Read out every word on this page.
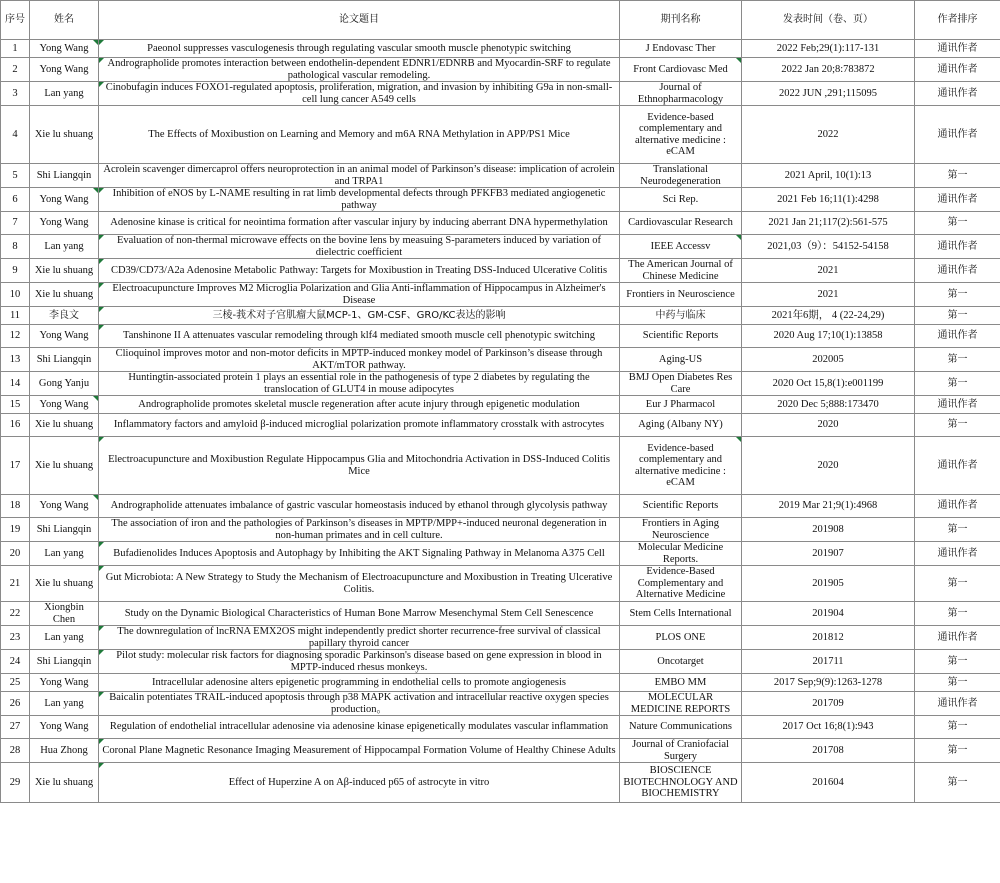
序号	姓名	论文题目	期刊名称	发表时间（卷、页）	作者排序
1	Yong Wang	Paeonol suppresses vasculogenesis through regulating vascular smooth muscle phenotypic switching	J Endovasc Ther	2022 Feb;29(1):117-131	通讯作者
2	Yong Wang	Andrographolide promotes interaction between endothelin-dependent EDNR1/EDNRB and Myocardin-SRF to regulate pathological vascular remodeling.	Front Cardiovasc Med	2022 Jan 20;8:783872	通讯作者
3	Lan yang	Cinobufagin induces FOXO1-regulated apoptosis, proliferation, migration, and invasion by inhibiting G9a in non-small-cell lung cancer A549 cells	Journal of Ethnopharmacology	2022 JUN ,291;115095	通讯作者
4	Xie lu shuang	The Effects of Moxibustion on Learning and Memory and m6A RNA Methylation in APP/PS1 Mice	Evidence-based complementary and alternative medicine : eCAM	2022	通讯作者
5	Shi Liangqin	Acrolein scavenger dimercaprol offers neuroprotection in an animal model of Parkinson’s disease: implication of acrolein and TRPA1	Translational Neurodegeneration	2021 April, 10(1):13	第一
6	Yong Wang	Inhibition of eNOS by L-NAME resulting in rat limb developmental defects through PFKFB3 mediated angiogenetic pathway	Sci Rep.	2021 Feb 16;11(1):4298	通讯作者
7	Yong Wang	Adenosine kinase is critical for neointima formation after vascular injury by inducing aberrant DNA hypermethylation	Cardiovascular Research	2021 Jan 21;117(2):561-575	第一
8	Lan yang	Evaluation of non-thermal microwave effects on the bovine lens by measuing S-parameters induced by variation of dielectric coefficient	IEEE Accessv	2021,03（9）：54152-54158	通讯作者
9	Xie lu shuang	CD39/CD73/A2a Adenosine Metabolic Pathway: Targets for Moxibustion in Treating DSS-Induced Ulcerative Colitis	The American Journal of Chinese Medicine	2021	通讯作者
10	Xie lu shuang	Electroacupuncture Improves M2 Microglia Polarization and Glia Anti-inflammation of Hippocampus in Alzheimer's Disease	Frontiers in Neuroscience	2021	第一
11	李良文	三棱-莪术对子宫肌瘤大鼠MCP-1、GM-CSF、GRO/KC表达的影响	中药与临床	2021年6期， 4 (22-24,29)	第一
12	Yong Wang	Tanshinone II A attenuates vascular remodeling through klf4 mediated smooth muscle cell phenotypic switching	Scientific Reports	2020 Aug 17;10(1):13858	通讯作者
13	Shi Liangqin	Clioquinol improves motor and non-motor deficits in MPTP-induced monkey model of Parkinson’s disease through AKT/mTOR pathway.	Aging-US	202005	第一
14	Gong Yanju	Huntingtin-associated protein 1 plays an essential role in the pathogenesis of type 2 diabetes by regulating the translocation of GLUT4 in mouse adipocytes	BMJ Open Diabetes Res Care	2020 Oct 15,8(1):e001199	第一
15	Yong Wang	Andrographolide promotes skeletal muscle regeneration after acute injury through epigenetic modulation	Eur J Pharmacol	2020 Dec 5;888:173470	通讯作者
16	Xie lu shuang	Inflammatory factors and amyloid β-induced microglial polarization promote inflammatory crosstalk with astrocytes	Aging (Albany NY)	2020	第一
17	Xie lu shuang	Electroacupuncture and Moxibustion Regulate Hippocampus Glia and Mitochondria Activation in DSS-Induced Colitis Mice	Evidence-based complementary and alternative medicine : eCAM	2020	通讯作者
18	Yong Wang	Andrographolide attenuates imbalance of gastric vascular homeostasis induced by ethanol through glycolysis pathway	Scientific Reports	2019 Mar 21;9(1):4968	通讯作者
19	Shi Liangqin	The association of iron and the pathologies of Parkinson’s diseases in MPTP/MPP+-induced neuronal degeneration in non-human primates and in cell culture.	Frontiers in Aging Neuroscience	201908	第一
20	Lan yang	Bufadienolides Induces Apoptosis and Autophagy by Inhibiting the AKT Signaling Pathway in Melanoma A375 Cell	Molecular Medicine Reports.	201907	通讯作者
21	Xie lu shuang	Gut Microbiota: A New Strategy to Study the Mechanism of Electroacupuncture and Moxibustion in Treating Ulcerative Colitis.	Evidence-Based Complementary and Alternative Medicine	201905	第一
22	Xiongbin Chen	Study on the Dynamic Biological Characteristics of Human Bone Marrow Mesenchymal Stem Cell Senescence	Stem Cells International	201904	第一
23	Lan yang	The downregulation of lncRNA EMX2OS might independently predict shorter recurrence-free survival of classical papillary thyroid cancer	PLOS ONE	201812	通讯作者
24	Shi Liangqin	Pilot study: molecular risk factors for diagnosing sporadic Parkinson's disease based on gene expression in blood in MPTP-induced rhesus monkeys.	Oncotarget	201711	第一
25	Yong Wang	Intracellular adenosine alters epigenetic programming in endothelial cells to promote angiogenesis	EMBO MM	2017 Sep;9(9):1263-1278	第一
26	Lan yang	Baicalin potentiates TRAIL-induced apoptosis through p38 MAPK activation and intracellular reactive oxygen species production。	MOLECULAR MEDICINE REPORTS	201709	通讯作者
27	Yong Wang	Regulation of endothelial intracellular adenosine via adenosine kinase epigenetically modulates vascular inflammation	Nature Communications	2017 Oct 16;8(1):943	第一
28	Hua Zhong	Coronal Plane Magnetic Resonance Imaging Measurement of Hippocampal Formation Volume of Healthy Chinese Adults	Journal of Craniofacial Surgery	201708	第一
29	Xie lu shuang	Effect of Huperzine A on Aβ-induced p65 of astrocyte in vitro	BIOSCIENCE BIOTECHNOLOGY AND BIOCHEMISTRY	201604	第一
